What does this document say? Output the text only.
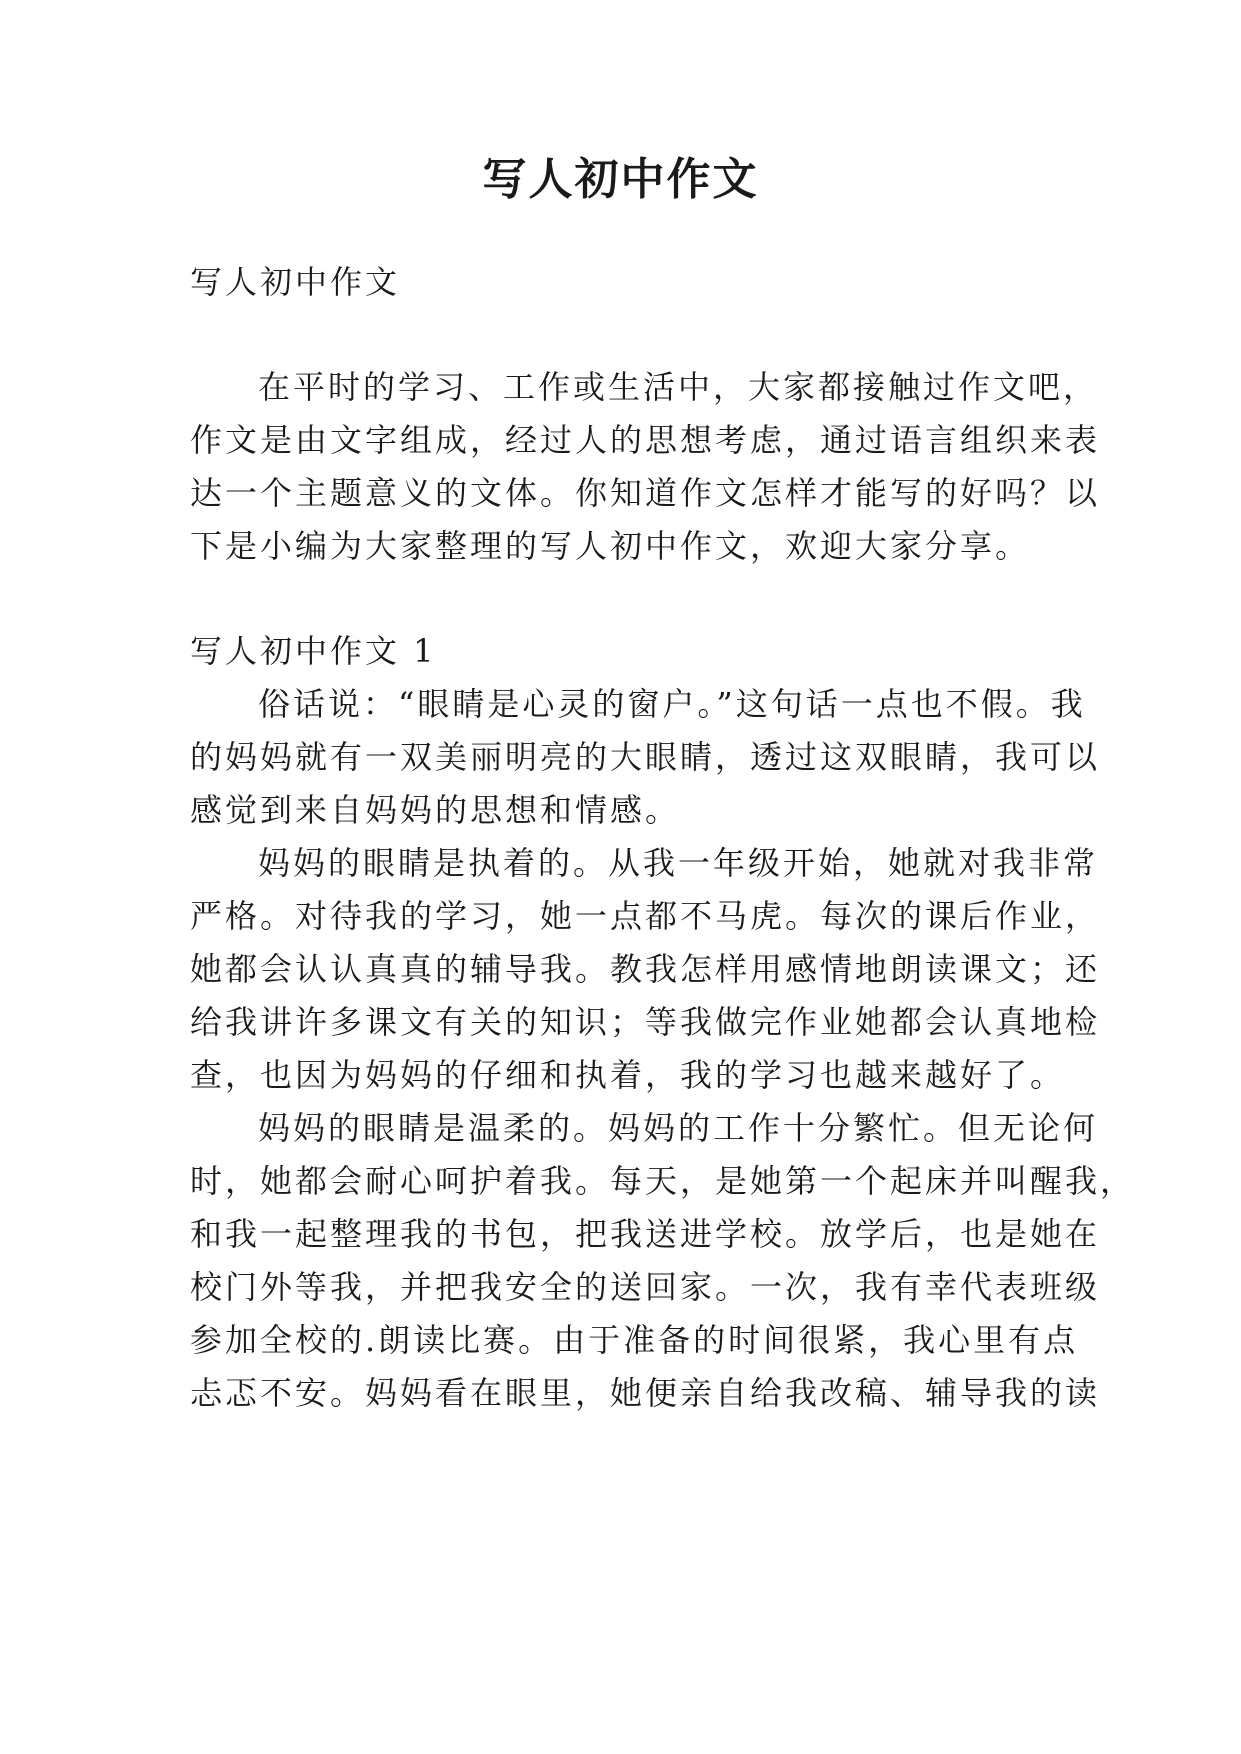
写人初中作文

写人初中作文

在平时的学习、工作或生活中，大家都接触过作文吧，

作文是由文字组成，经过人的思想考虑，通过语言组织来表

达一个主题意义的文体。你知道作文怎样才能写的好吗？以

下是小编为大家整理的写人初中作文，欢迎大家分享。

写人初中作文 1

俗话说：“眼睛是心灵的窗户。”这句话一点也不假。我

的妈妈就有一双美丽明亮的大眼睛，透过这双眼睛，我可以

感觉到来自妈妈的思想和情感。

妈妈的眼睛是执着的。从我一年级开始，她就对我非常

严格。对待我的学习，她一点都不马虎。每次的课后作业，

她都会认认真真的辅导我。教我怎样用感情地朗读课文；还

给我讲许多课文有关的知识；等我做完作业她都会认真地检

查，也因为妈妈的仔细和执着，我的学习也越来越好了。

妈妈的眼睛是温柔的。妈妈的工作十分繁忙。但无论何

时，她都会耐心呵护着我。每天，是她第一个起床并叫醒我，

和我一起整理我的书包，把我送进学校。放学后，也是她在

校门外等我，并把我安全的送回家。一次，我有幸代表班级

参加全校的.朗读比赛。由于准备的时间很紧，我心里有点

忐忑不安。妈妈看在眼里，她便亲自给我改稿、辅导我的读
